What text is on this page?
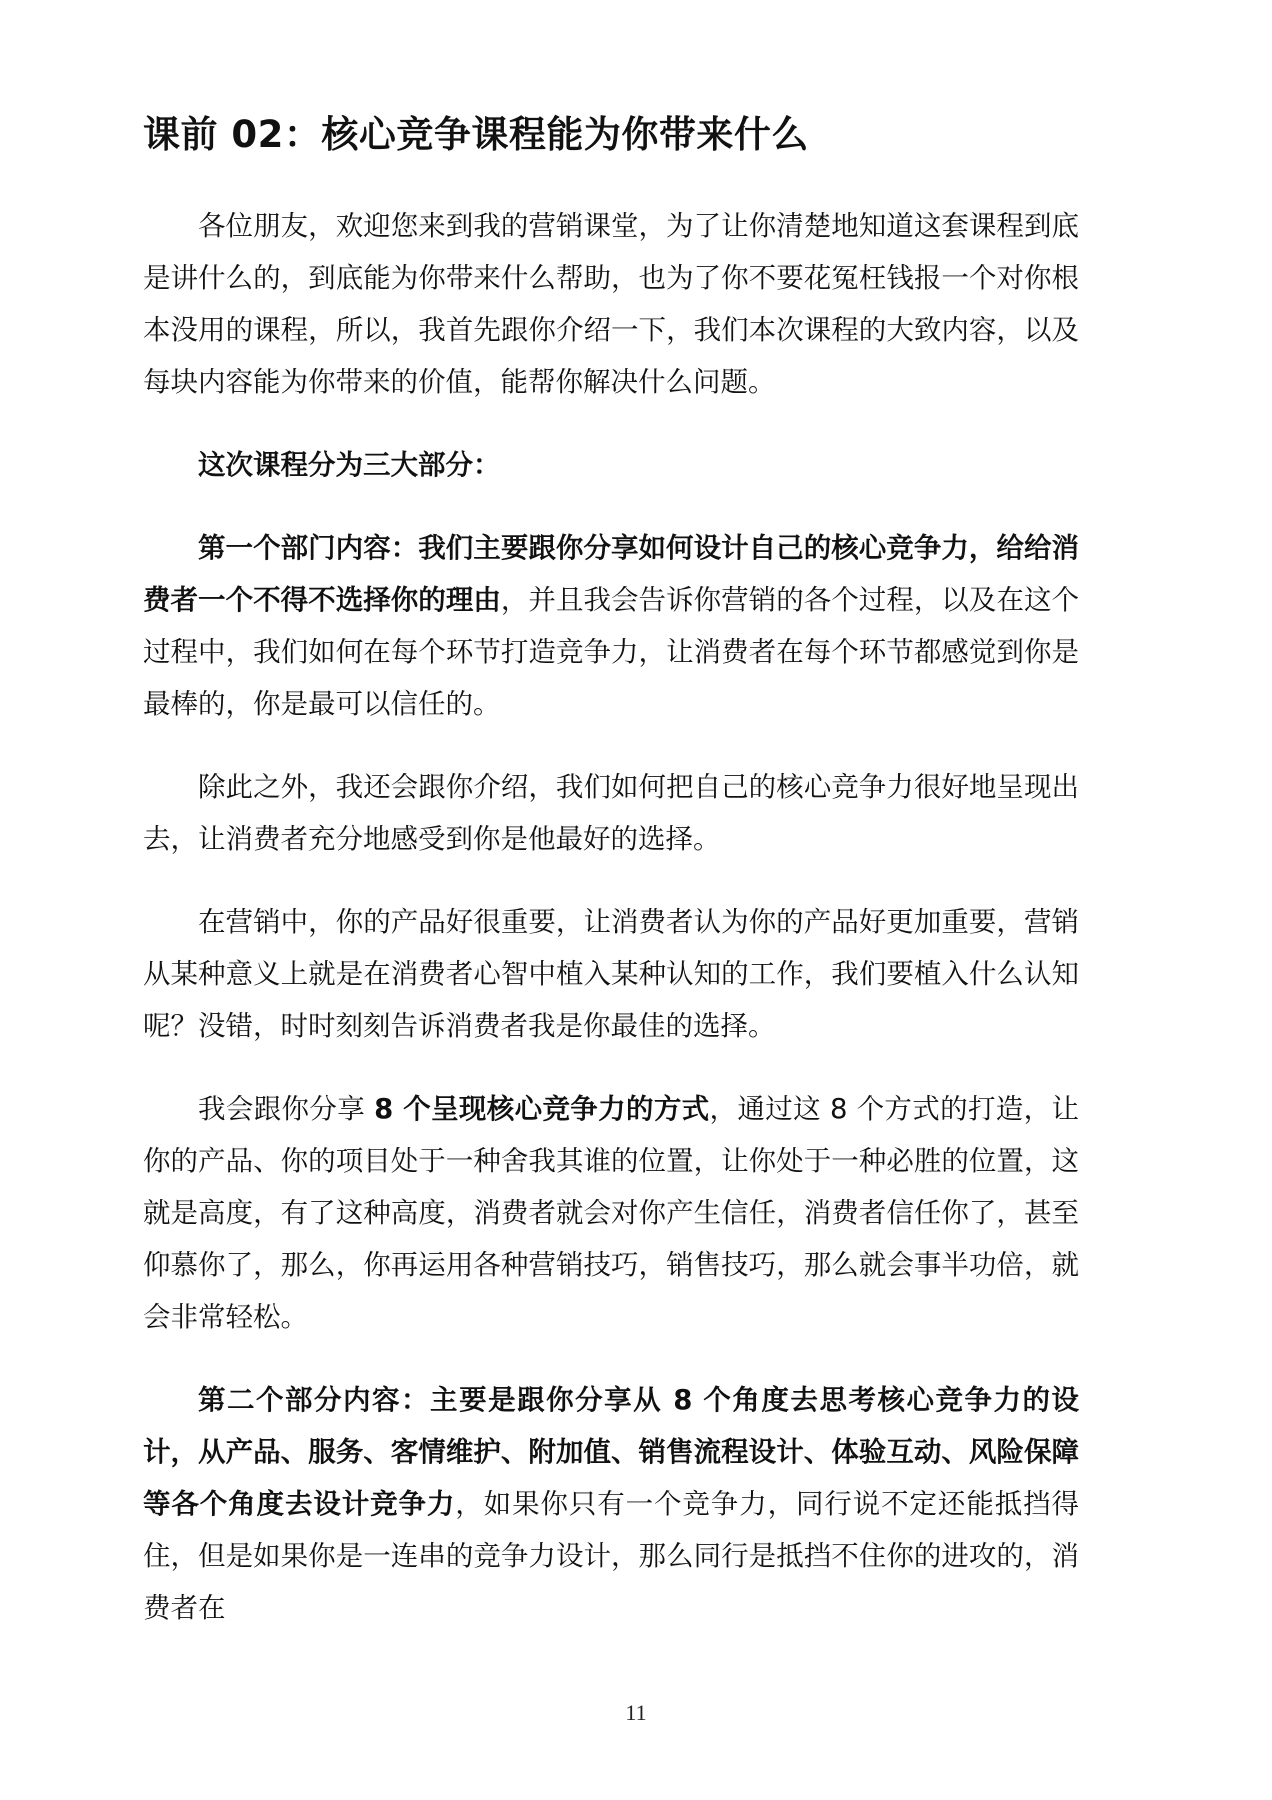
课前 02：核心竞争课程能为你带来什么

各位朋友，欢迎您来到我的营销课堂，为了让你清楚地知道这套课程到底是讲什么的，到底能为你带来什么帮助，也为了你不要花冤枉钱报一个对你根本没用的课程，所以，我首先跟你介绍一下，我们本次课程的大致内容，以及每块内容能为你带来的价值，能帮你解决什么问题。

这次课程分为三大部分：

第一个部门内容：我们主要跟你分享如何设计自己的核心竞争力，给给消费者一个不得不选择你的理由，并且我会告诉你营销的各个过程，以及在这个过程中，我们如何在每个环节打造竞争力，让消费者在每个环节都感觉到你是最棒的，你是最可以信任的。

除此之外，我还会跟你介绍，我们如何把自己的核心竞争力很好地呈现出去，让消费者充分地感受到你是他最好的选择。

在营销中，你的产品好很重要，让消费者认为你的产品好更加重要，营销从某种意义上就是在消费者心智中植入某种认知的工作，我们要植入什么认知呢？没错，时时刻刻告诉消费者我是你最佳的选择。

我会跟你分享 8 个呈现核心竞争力的方式，通过这 8 个方式的打造，让你的产品、你的项目处于一种舍我其谁的位置，让你处于一种必胜的位置，这就是高度，有了这种高度，消费者就会对你产生信任，消费者信任你了，甚至仰慕你了，那么，你再运用各种营销技巧，销售技巧，那么就会事半功倍，就会非常轻松。

第二个部分内容：主要是跟你分享从 8 个角度去思考核心竞争力的设计，从产品、服务、客情维护、附加值、销售流程设计、体验互动、风险保障等各个角度去设计竞争力，如果你只有一个竞争力，同行说不定还能抵挡得住，但是如果你是一连串的竞争力设计，那么同行是抵挡不住你的进攻的，消费者在

11
